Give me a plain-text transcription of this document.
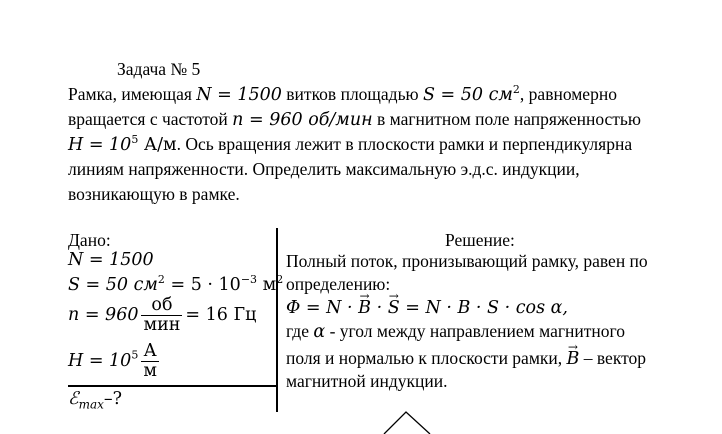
Задача № 5
Рамка, имеющая N = 1500 витков площадью S = 50 $см^2$, равномерно
вращается с частотой n = 960 об/мин в магнитном поле напряженностью
$H = 10^5$ А/м. Ось вращения лежит в плоскости рамки и перпендикулярна
линиям напряженности. Определить максимальную э.д.с. индукции,
возникающую в рамке.
Дано:
N = 1500
S = 50 $см^2 = 5 \cdot 10^{-3}$ $м^2$
$n = 960 \frac{об}{\text{мин}} = 16$ Гц
$H = 10^5 \frac{А}{м}$
ℰ$_{max}$–?
Решение:
Полный поток, пронизывающий рамку, равен по
определению:
Φ = N · → B · → S = N · B · S · cos α,
где α - угол между направлением магнитного
поля и нормалью к плоскости рамки, → B – вектор
магнитной индукции.
